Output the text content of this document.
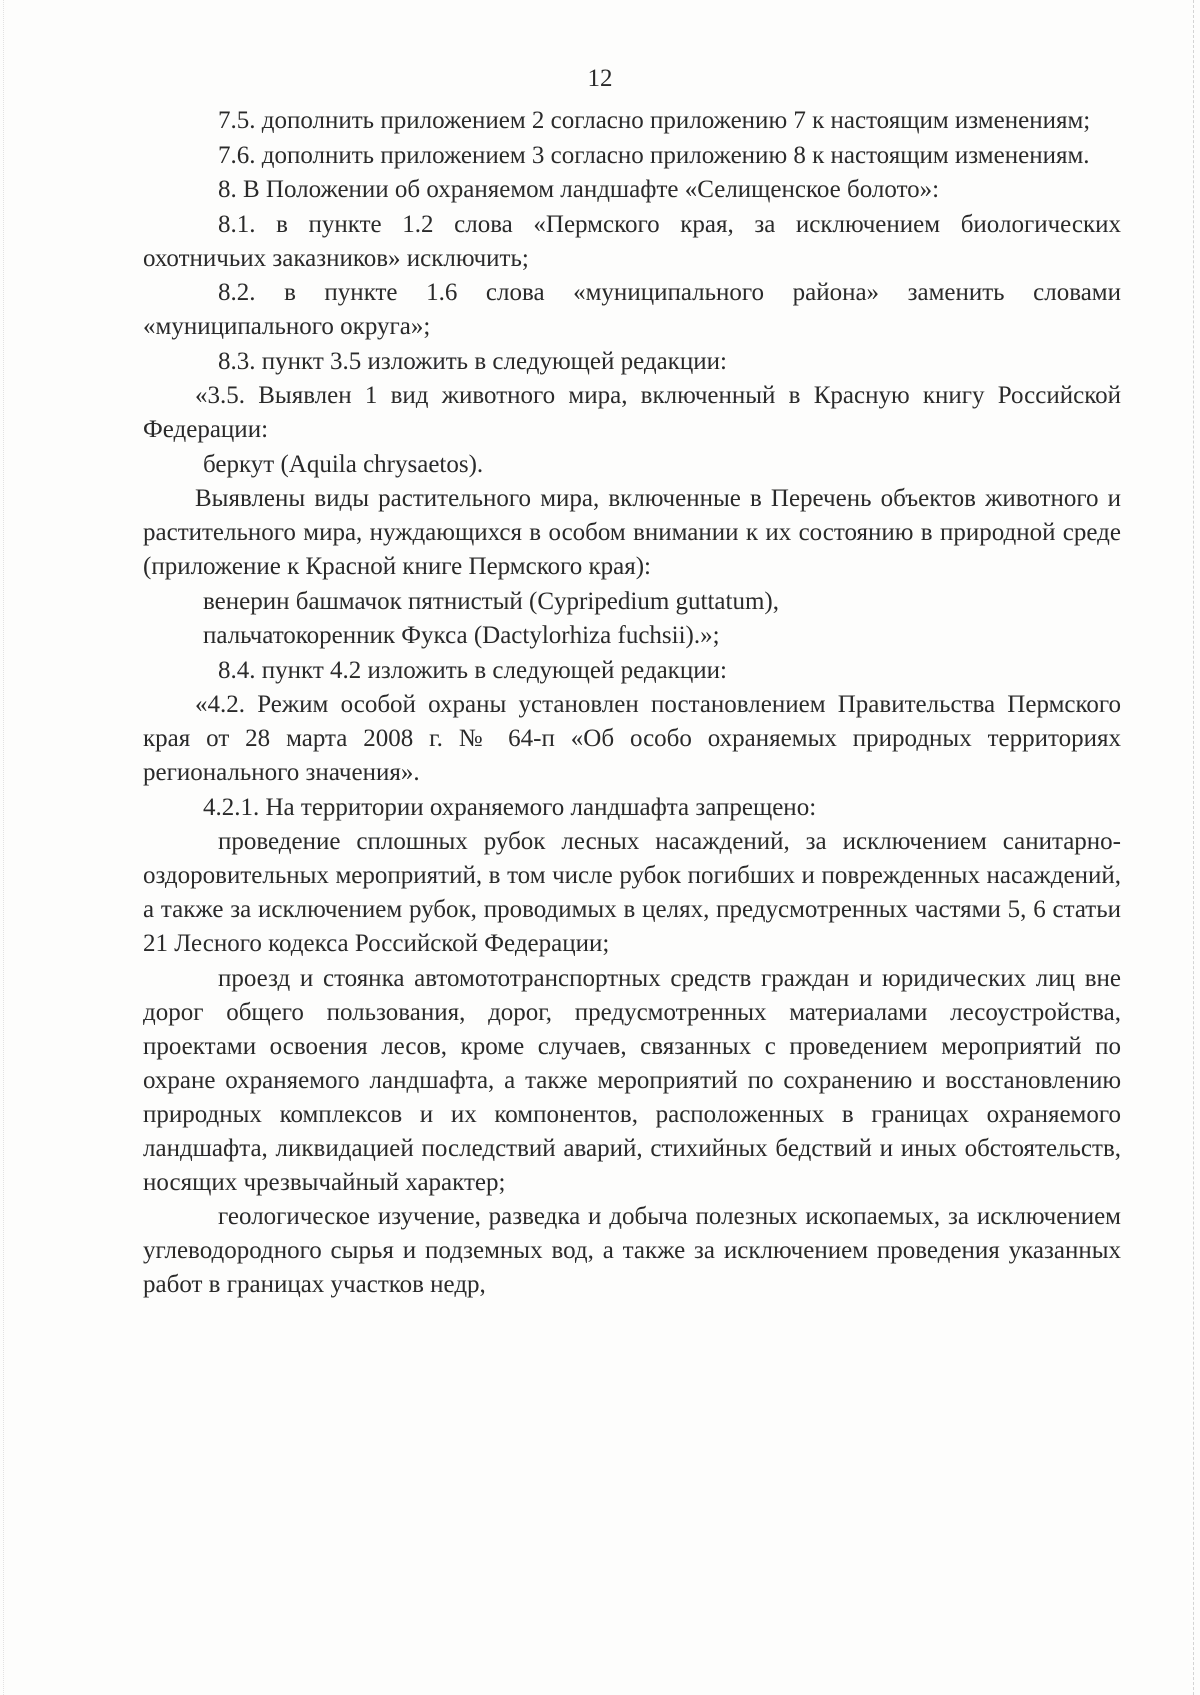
12

7.5. дополнить приложением 2 согласно приложению 7 к настоящим изменениям;

7.6. дополнить приложением 3 согласно приложению 8 к настоящим изменениям.

8. В Положении об охраняемом ландшафте «Селищенское болото»:

8.1. в пункте 1.2 слова «Пермского края, за исключением биологических охотничьих заказников» исключить;

8.2. в пункте 1.6 слова «муниципального района» заменить словами «муниципального округа»;

8.3. пункт 3.5 изложить в следующей редакции:

«3.5. Выявлен 1 вид животного мира, включенный в Красную книгу Российской Федерации:

беркут (Aquila chrysaetos).

Выявлены виды растительного мира, включенные в Перечень объектов животного и растительного мира, нуждающихся в особом внимании к их состоянию в природной среде (приложение к Красной книге Пермского края):

венерин башмачок пятнистый (Cypripedium guttatum),

пальчатокоренник Фукса (Dactylorhiza fuchsii).»;

8.4. пункт 4.2 изложить в следующей редакции:

«4.2. Режим особой охраны установлен постановлением Правительства Пермского края от 28 марта 2008 г. № 64-п «Об особо охраняемых природных территориях регионального значения».

4.2.1. На территории охраняемого ландшафта запрещено:

проведение сплошных рубок лесных насаждений, за исключением санитарно-оздоровительных мероприятий, в том числе рубок погибших и поврежденных насаждений, а также за исключением рубок, проводимых в целях, предусмотренных частями 5, 6 статьи 21 Лесного кодекса Российской Федерации;

проезд и стоянка автомототранспортных средств граждан и юридических лиц вне дорог общего пользования, дорог, предусмотренных материалами лесоустройства, проектами освоения лесов, кроме случаев, связанных с проведением мероприятий по охране охраняемого ландшафта, а также мероприятий по сохранению и восстановлению природных комплексов и их компонентов, расположенных в границах охраняемого ландшафта, ликвидацией последствий аварий, стихийных бедствий и иных обстоятельств, носящих чрезвычайный характер;

геологическое изучение, разведка и добыча полезных ископаемых, за исключением углеводородного сырья и подземных вод, а также за исключением проведения указанных работ в границах участков недр,
